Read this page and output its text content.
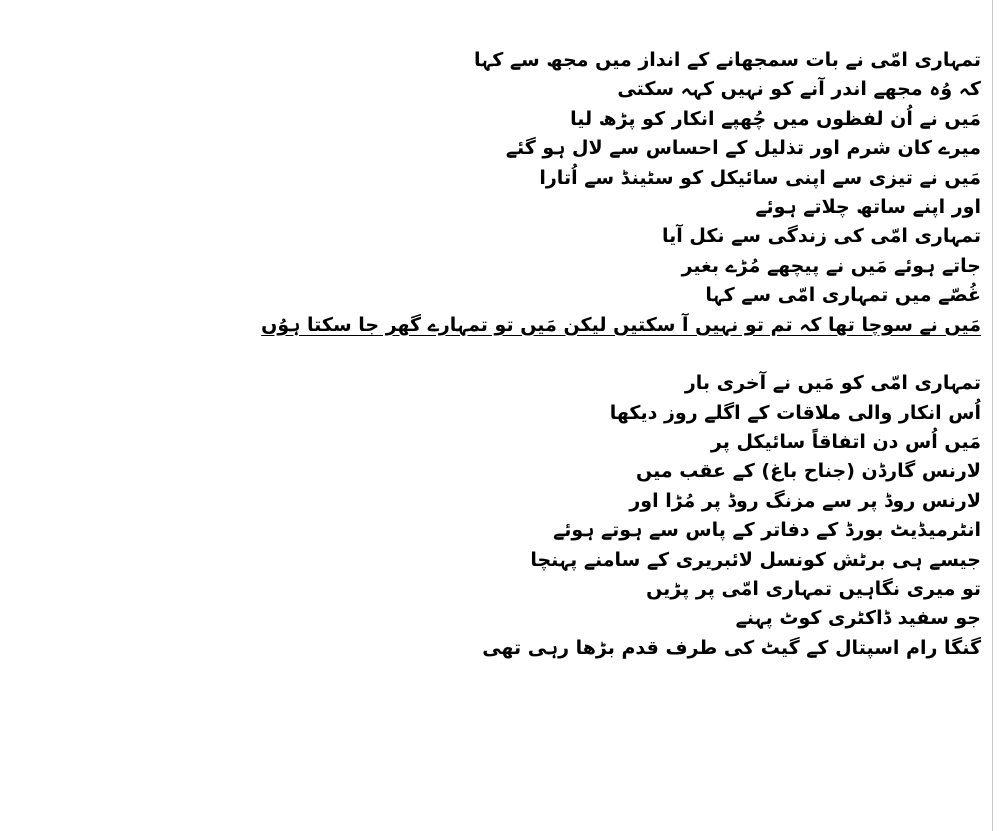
تمہاری امّی نے بات سمجھانے کے انداز میں مجھ سے کہا
کہ وُہ مجھے اندر آنے کو نہیں کہہ سکتی
مَیں نے اُن لفظوں میں چُھپے انکار کو پڑھ لیا
میرے کان شرم اور تذلیل کے احساس سے لال ہو گئے
مَیں نے تیزی سے اپنی سائیکل کو سٹینڈ سے اُتارا
اور اپنے ساتھ چلاتے ہوئے
تمہاری امّی کی زندگی سے نکل آیا
جاتے ہوئے مَیں نے پیچھے مُڑے بغیر
غُصّے میں تمہاری امّی سے کہا
مَیں نے سوچا تھا کہ تم تو نہیں آ سکتیں لیکن مَیں تو تمہارے گھر جا سکتا ہوُں
تمہاری امّی کو مَیں نے آخری بار
اُس انکار والی ملاقات کے اگلے روز دیکھا
مَیں اُس دن اتفاقاً سائیکل پر
لارنس گارڈن (جناح باغ) کے عقب میں
لارنس روڈ پر سے مزنگ روڈ پر مُڑا اور
انٹرمیڈیٹ بورڈ کے دفاتر کے پاس سے ہوتے ہوئے
جیسے ہی برٹش کونسل لائبریری کے سامنے پہنچا
تو میری نگاہیں تمہاری امّی پر پڑیں
جو سفید ڈاکٹری کوٹ پہنے
گنگا رام اسپتال کے گیٹ کی طرف قدم بڑھا رہی تھی
